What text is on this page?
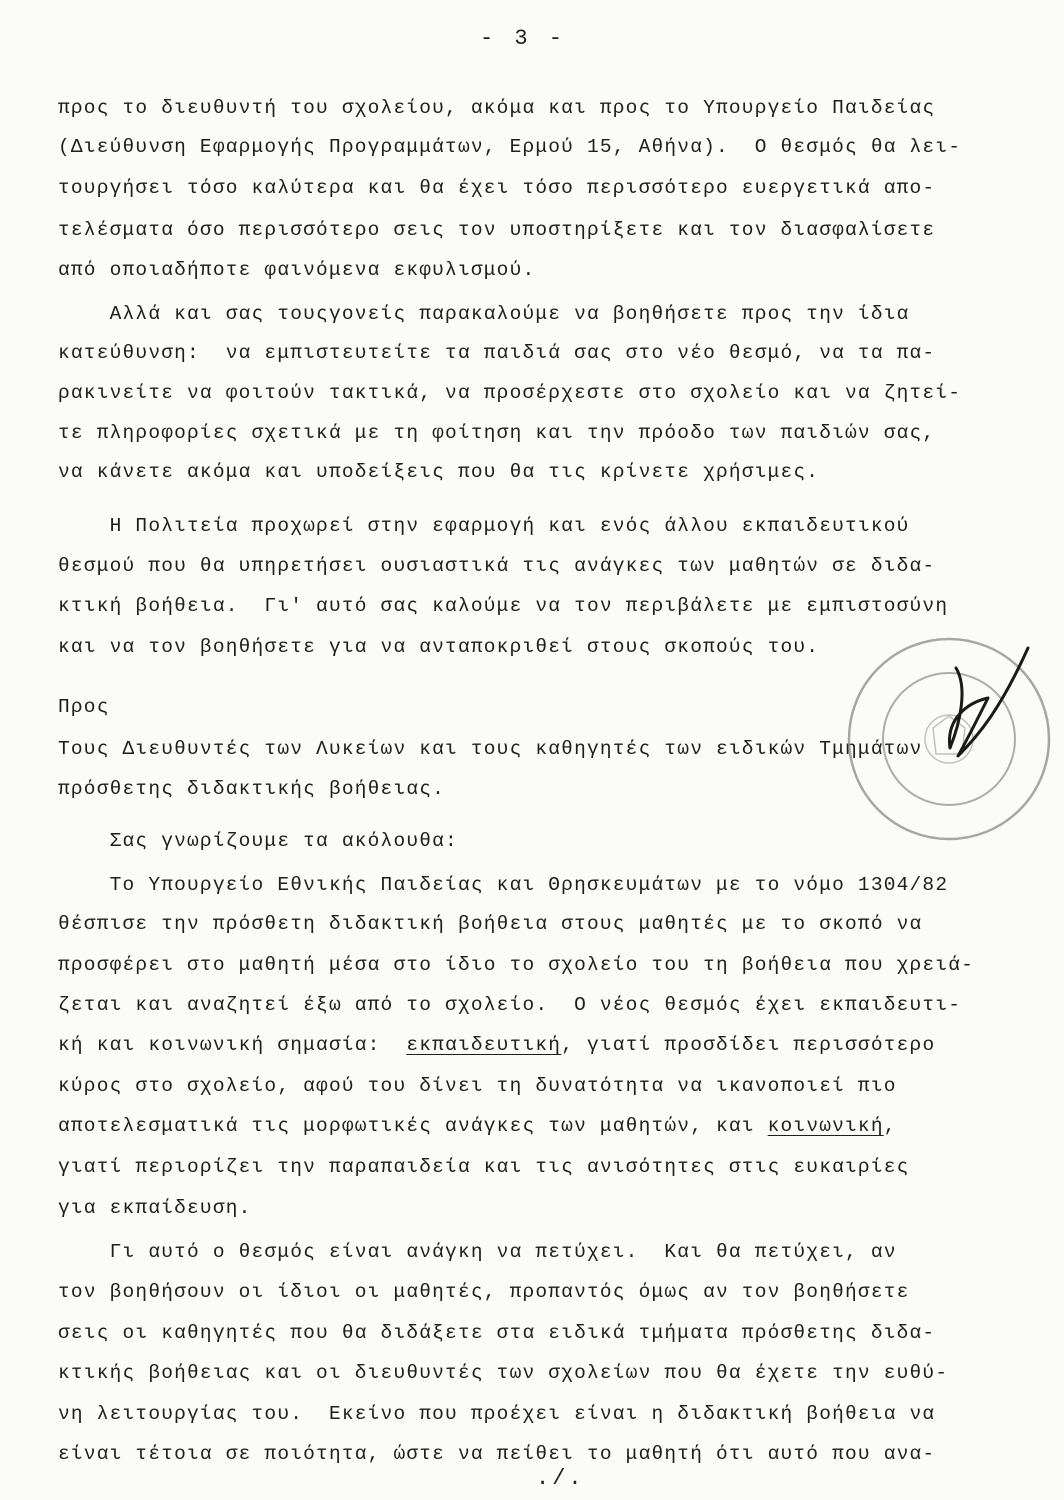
- 3 -
προς το διευθυντή του σχολείου, ακόμα και προς το Υπουργείο Παιδείας
(Διεύθυνση Εφαρμογής Προγραμμάτων, Ερμού 15, Αθήνα).  Ο θεσμός θα λει-
τουργήσει τόσο καλύτερα και θα έχει τόσο περισσότερο ευεργετικά απο-
τελέσματα όσο περισσότερο σεις τον υποστηρίξετε και τον διασφαλίσετε
από οποιαδήποτε φαινόμενα εκφυλισμού.
Αλλά και σας τουςγονείς παρακαλούμε να βοηθήσετε προς την ίδια
κατεύθυνση:  να εμπιστευτείτε τα παιδιά σας στο νέο θεσμό, να τα πα-
ρακινείτε να φοιτούν τακτικά, να προσέρχεστε στο σχολείο και να ζητεί-
τε πληροφορίες σχετικά με τη φοίτηση και την πρόοδο των παιδιών σας,
να κάνετε ακόμα και υποδείξεις που θα τις κρίνετε χρήσιμες.
Η Πολιτεία προχωρεί στην εφαρμογή και ενός άλλου εκπαιδευτικού
θεσμού που θα υπηρετήσει ουσιαστικά τις ανάγκες των μαθητών σε διδα-
κτική βοήθεια.  Γι' αυτό σας καλούμε να τον περιβάλετε με εμπιστοσύνη
και να τον βοηθήσετε για να ανταποκριθεί στους σκοπούς του.
Προς
Τους Διευθυντές των Λυκείων και τους καθηγητές των ειδικών Τμημάτων
πρόσθετης διδακτικής βοήθειας.
Σας γνωρίζουμε τα ακόλουθα:
Το Υπουργείο Εθνικής Παιδείας και Θρησκευμάτων με το νόμο 1304/82
θέσπισε την πρόσθετη διδακτική βοήθεια στους μαθητές με το σκοπό να
προσφέρει στο μαθητή μέσα στο ίδιο το σχολείο του τη βοήθεια που χρειά-
ζεται και αναζητεί έξω από το σχολείο.  Ο νέος θεσμός έχει εκπαιδευτι-
κή και κοινωνική σημασία:  εκπαιδευτική, γιατί προσδίδει περισσότερο
κύρος στο σχολείο, αφού του δίνει τη δυνατότητα να ικανοποιεί πιο
αποτελεσματικά τις μορφωτικές ανάγκες των μαθητών, και κοινωνική,
γιατί περιορίζει την παραπαιδεία και τις ανισότητες στις ευκαιρίες
για εκπαίδευση.
Γι αυτό ο θεσμός είναι ανάγκη να πετύχει.  Και θα πετύχει, αν
τον βοηθήσουν οι ίδιοι οι μαθητές, προπαντός όμως αν τον βοηθήσετε
σεις οι καθηγητές που θα διδάξετε στα ειδικά τμήματα πρόσθετης διδα-
κτικής βοήθειας και οι διευθυντές των σχολείων που θα έχετε την ευθύ-
νη λειτουργίας του.  Εκείνο που προέχει είναι η διδακτική βοήθεια να
είναι τέτοια σε ποιότητα, ώστε να πείθει το μαθητή ότι αυτό που ανα-
./.
